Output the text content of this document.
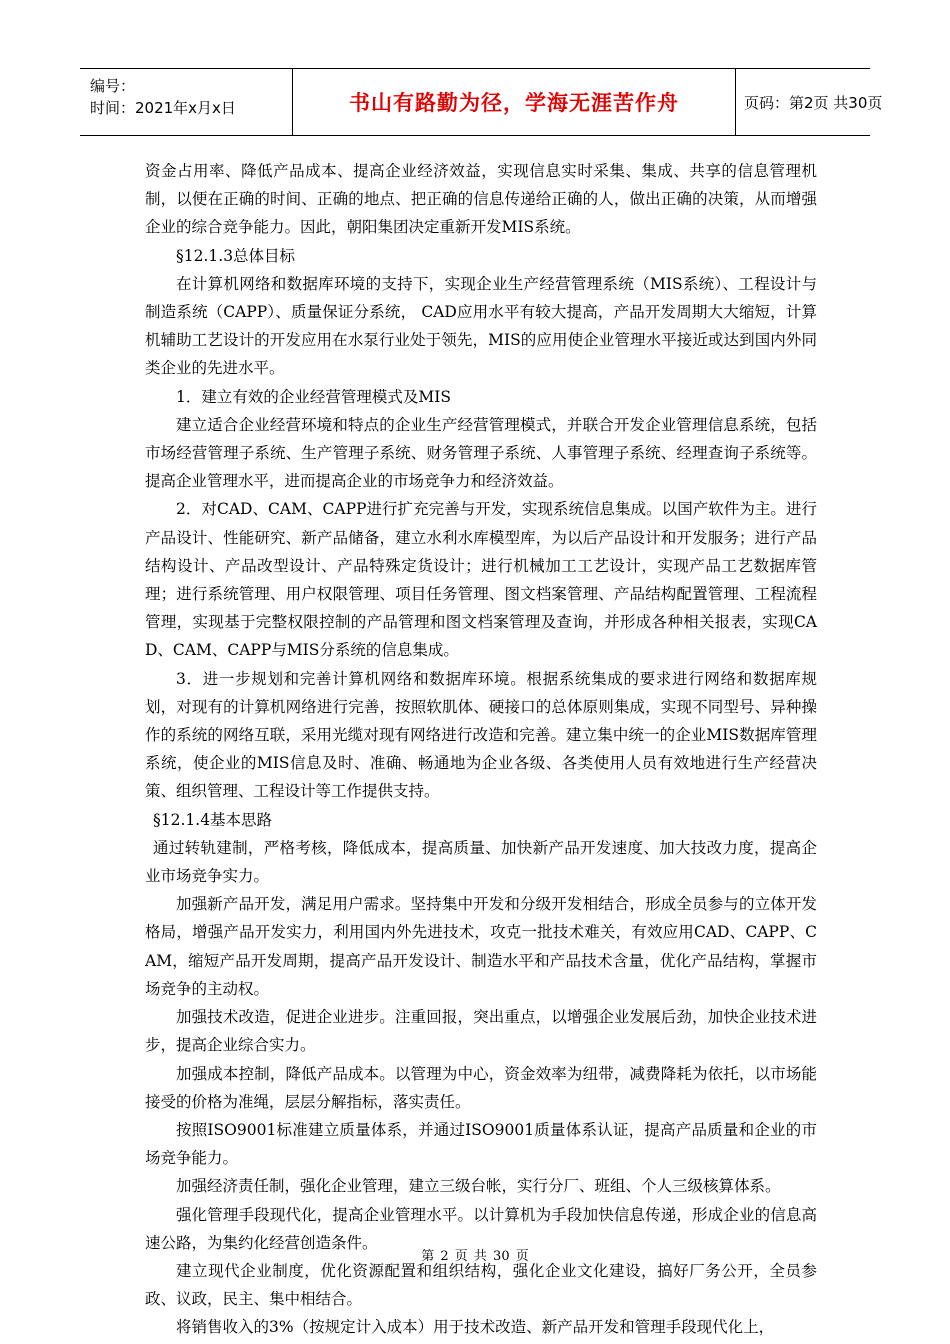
编号：
时间：2021年x月x日	书山有路勤为径，学海无涯苦作舟	页码：第2页 共30页

资金占用率、降低产品成本、提高企业经济效益，实现信息实时采集、集成、共享的信息管理机制，以便在正确的时间、正确的地点、把正确的信息传递给正确的人，做出正确的决策，从而增强企业的综合竞争能力。因此，朝阳集团决定重新开发MIS系统。

§12.1.3总体目标

在计算机网络和数据库环境的支持下，实现企业生产经营管理系统（MIS系统）、工程设计与制造系统（CAPP）、质量保证分系统， CAD应用水平有较大提高，产品开发周期大大缩短，计算机辅助工艺设计的开发应用在水泵行业处于领先，MIS的应用使企业管理水平接近或达到国内外同类企业的先进水平。

1．建立有效的企业经营管理模式及MIS

建立适合企业经营环境和特点的企业生产经营管理模式，并联合开发企业管理信息系统，包括市场经营管理子系统、生产管理子系统、财务管理子系统、人事管理子系统、经理查询子系统等。提高企业管理水平，进而提高企业的市场竞争力和经济效益。

2．对CAD、CAM、CAPP进行扩充完善与开发，实现系统信息集成。以国产软件为主。进行产品设计、性能研究、新产品储备，建立水利水库模型库，为以后产品设计和开发服务；进行产品结构设计、产品改型设计、产品特殊定货设计；进行机械加工工艺设计，实现产品工艺数据库管理；进行系统管理、用户权限管理、项目任务管理、图文档案管理、产品结构配置管理、工程流程管理，实现基于完整权限控制的产品管理和图文档案管理及查询，并形成各种相关报表，实现CAD、CAM、CAPP与MIS分系统的信息集成。

3．进一步规划和完善计算机网络和数据库环境。根据系统集成的要求进行网络和数据库规划，对现有的计算机网络进行完善，按照软肌体、硬接口的总体原则集成，实现不同型号、异种操作的系统的网络互联，采用光缆对现有网络进行改造和完善。建立集中统一的企业MIS数据库管理系统，使企业的MIS信息及时、准确、畅通地为企业各级、各类使用人员有效地进行生产经营决策、组织管理、工程设计等工作提供支持。

§12.1.4基本思路

通过转轨建制，严格考核，降低成本，提高质量、加快新产品开发速度、加大技改力度，提高企业市场竞争实力。

加强新产品开发，满足用户需求。坚持集中开发和分级开发相结合，形成全员参与的立体开发格局，增强产品开发实力，利用国内外先进技术，攻克一批技术难关，有效应用CAD、CAPP、CAM，缩短产品开发周期，提高产品开发设计、制造水平和产品技术含量，优化产品结构，掌握市场竞争的主动权。

加强技术改造，促进企业进步。注重回报，突出重点，以增强企业发展后劲，加快企业技术进步，提高企业综合实力。

加强成本控制，降低产品成本。以管理为中心，资金效率为纽带，减费降耗为依托，以市场能接受的价格为准绳，层层分解指标，落实责任。

按照ISO9001标准建立质量体系，并通过ISO9001质量体系认证，提高产品质量和企业的市场竞争能力。

加强经济责任制，强化企业管理，建立三级台帐，实行分厂、班组、个人三级核算体系。

强化管理手段现代化，提高企业管理水平。以计算机为手段加快信息传递，形成企业的信息高速公路，为集约化经营创造条件。

建立现代企业制度，优化资源配置和组织结构，强化企业文化建设，搞好厂务公开，全员参政、议政，民主、集中相结合。

将销售收入的3%（按规定计入成本）用于技术改造、新产品开发和管理手段现代化上，

第 2 页 共 30 页
